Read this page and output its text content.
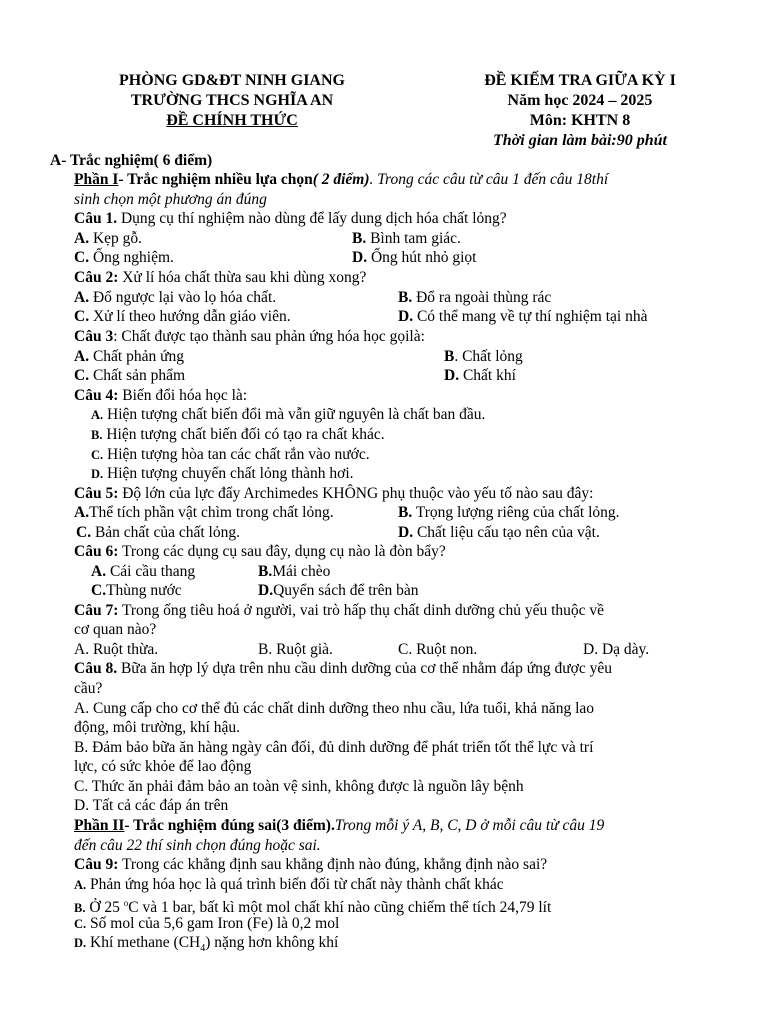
PHÒNG GD&ĐT NINH GIANG
TRƯỜNG THCS NGHĨA AN
ĐỀ CHÍNH THỨC
ĐỀ KIẾM TRA GIỮA KỲ I
Năm học 2024 – 2025
Môn: KHTN 8
Thời gian làm bài:90 phút
A- Trắc nghiệm( 6 điểm)
Phần I- Trắc nghiệm nhiều lựa chọn( 2 điểm). Trong các câu từ câu 1 đến câu 18thí
sinh chọn một phương án đúng
Câu 1. Dụng cụ thí nghiệm nào dùng để lấy dung dịch hóa chất lỏng?
A. Kẹp gỗ.	B. Bình tam giác.
C. Ống nghiệm.	D. Ống hút nhỏ giọt
Câu 2: Xử lí hóa chất thừa sau khi dùng xong?
A. Đổ ngược lại vào lọ hóa chất.	B. Đổ ra ngoài thùng rác
C. Xử lí theo hướng dẫn giáo viên.	D. Có thể mang về tự thí nghiệm tại nhà
Câu 3: Chất được tạo thành sau phản ứng hóa học gọilà:
A. Chất phản ứng	B. Chất lỏng
C. Chất sản phẩm	D. Chất khí
Câu 4: Biến đổi hóa học là:
A. Hiện tượng chất biến đổi mà vẫn giữ nguyên là chất ban đầu.
B. Hiện tượng chất biến đối có tạo ra chất khác.
C. Hiện tượng hòa tan các chất rắn vào nước.
D. Hiện tượng chuyển chất lỏng thành hơi.
Câu 5: Độ lớn của lực đẩy Archimedes KHÔNG phụ thuộc vào yếu tố nào sau đây:
A.Thể tích phần vật chìm trong chất lỏng.	B. Trọng lượng riêng của chất lỏng.
C. Bản chất của chất lỏng.	D. Chất liệu cấu tạo nên của vật.
Câu 6: Trong các dụng cụ sau đây, dụng cụ nào là đòn bẩy?
A. Cái cầu thang	B.Mái chèo
C.Thùng nước	D.Quyển sách để trên bàn
Câu 7: Trong ống tiêu hoá ở người, vai trò hấp thụ chất dinh dưỡng chủ yếu thuộc về
cơ quan nào?
A. Ruột thừa.	B. Ruột già.	C. Ruột non.	D. Dạ dày.
Câu 8. Bữa ăn hợp lý dựa trên nhu cầu dinh dưỡng của cơ thể nhằm đáp ứng được yêu
cầu?
A. Cung cấp cho cơ thể đủ các chất dinh dưỡng theo nhu cầu, lứa tuổi, khả năng lao
động, môi trường, khí hậu.
B. Đảm bảo bữa ăn hàng ngày cân đối, đủ dinh dưỡng để phát triển tốt thể lực và trí
lực, có sức khỏe để lao động
C. Thức ăn phải đảm bảo an toàn vệ sinh, không được là nguồn lây bệnh
D. Tất cả các đáp án trên
Phần II- Trắc nghiệm đúng sai(3 điểm).Trong mỗi ý A, B, C, D ở mỗi câu từ câu 19
đến câu 22 thí sinh chọn đúng hoặc sai.
Câu 9: Trong các khẳng định sau khẳng định nào đúng, khẳng định nào sai?
A. Phản ứng hóa học là quá trình biến đối từ chất này thành chất khác
B. Ở 25 $^o$C và 1 bar, bất kì một mol chất khí nào cũng chiếm thể tích 24,79 lít
C. Số mol của 5,6 gam Iron (Fe) là 0,2 mol
D. Khí methane $(CH_4)$ nặng hơn không khí
